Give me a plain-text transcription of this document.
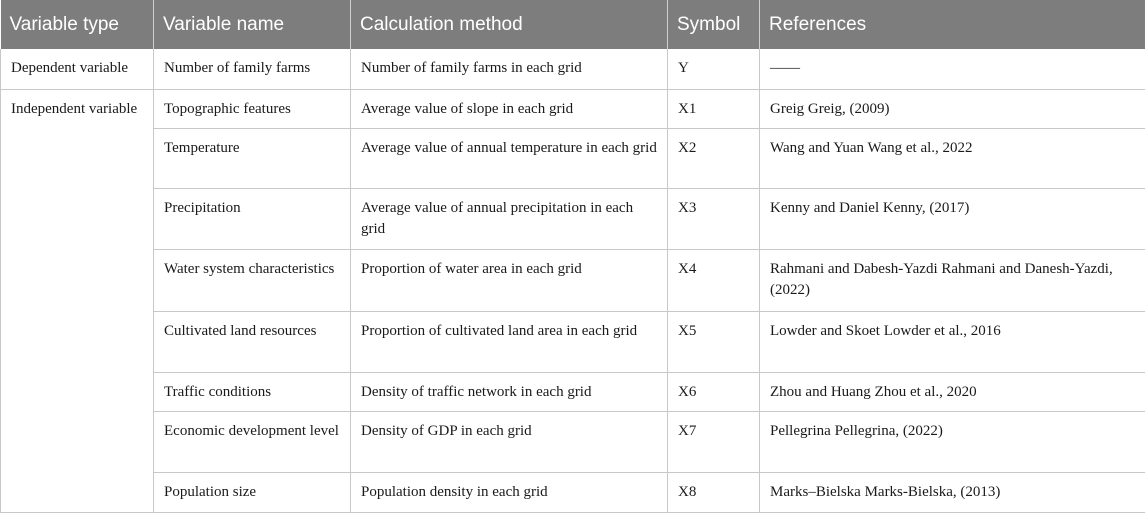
Variable type	Variable name	Calculation method	Symbol	References
Dependent variable	Number of family farms	Number of family farms in each grid	Y	——
Independent variable	Topographic features	Average value of slope in each grid	X1	Greig Greig, (2009)
	Temperature	Average value of annual temperature in each grid	X2	Wang and Yuan Wang et al., 2022
	Precipitation	Average value of annual precipitation in each grid	X3	Kenny and Daniel Kenny, (2017)
	Water system characteristics	Proportion of water area in each grid	X4	Rahmani and Dabesh-Yazdi Rahmani and Danesh-Yazdi, (2022)
	Cultivated land resources	Proportion of cultivated land area in each grid	X5	Lowder and Skoet Lowder et al., 2016
	Traffic conditions	Density of traffic network in each grid	X6	Zhou and Huang Zhou et al., 2020
	Economic development level	Density of GDP in each grid	X7	Pellegrina Pellegrina, (2022)
	Population size	Population density in each grid	X8	Marks–Bielska Marks-Bielska, (2013)
